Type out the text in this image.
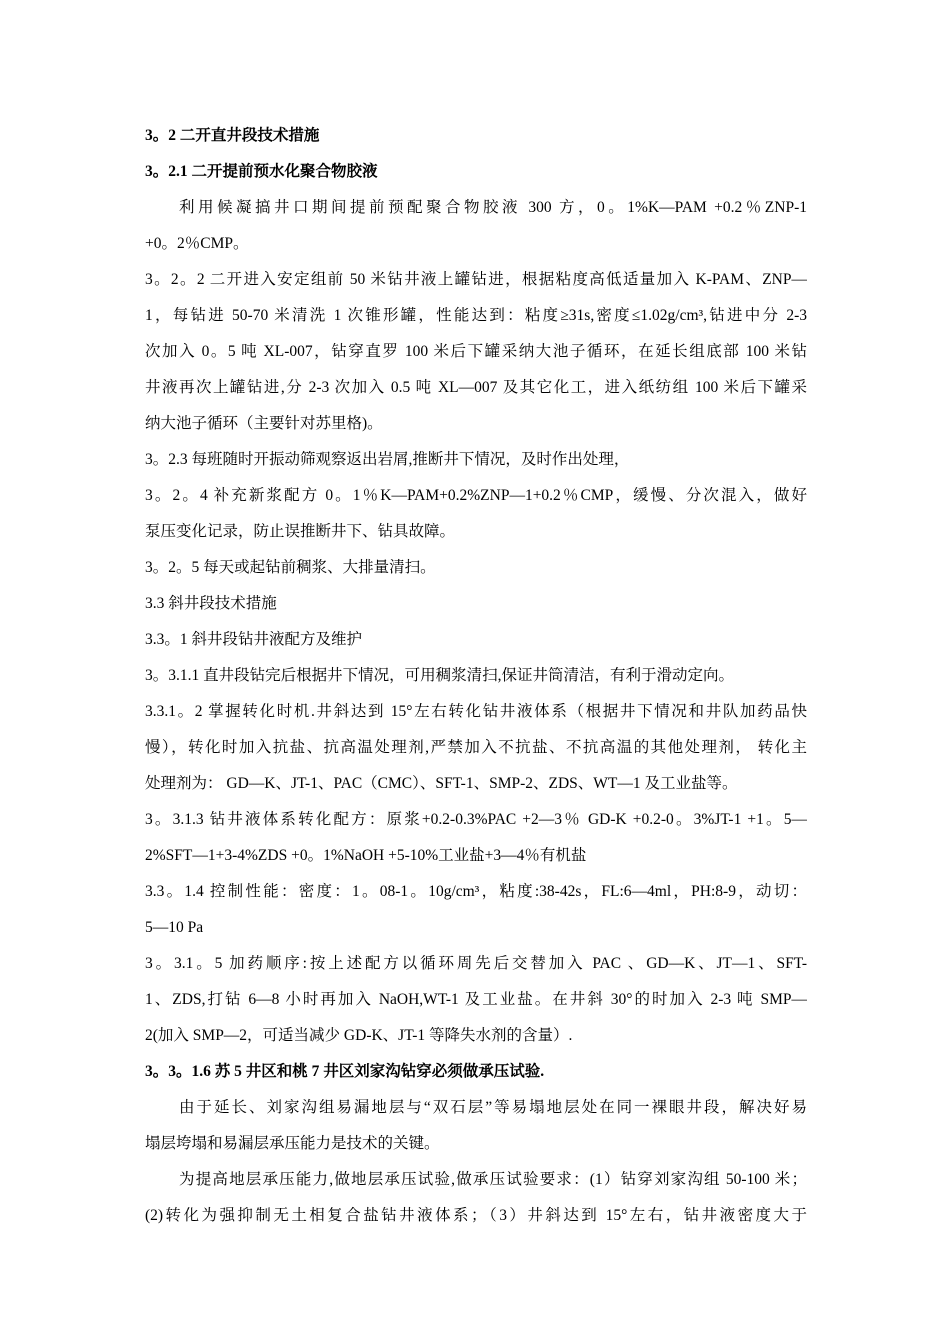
3。2 二开直井段技术措施
3。2.1 二开提前预水化聚合物胶液
利用候凝搞井口期间提前预配聚合物胶液 300 方，0。1%K—PAM +0.2％ZNP-1
+0。2％CMP。
3。2。2 二开进入安定组前 50 米钻井液上罐钻进，根据粘度高低适量加入 K-PAM、ZNP—
1，每钻进 50-70 米清洗 1 次锥形罐，性能达到：粘度≥31s,密度≤1.02g/cm³,钻进中分 2-3
次加入 0。5 吨 XL-007，钻穿直罗 100 米后下罐采纳大池子循环，在延长组底部 100 米钻
井液再次上罐钻进,分 2-3 次加入 0.5 吨 XL—007 及其它化工，进入纸纺组 100 米后下罐采
纳大池子循环（主要针对苏里格)。
3。2.3 每班随时开振动筛观察返出岩屑,推断井下情况，及时作出处理，
3。2。4 补充新浆配方 0。1％K—PAM+0.2%ZNP—1+0.2％CMP，缓慢、分次混入，做好
泵压变化记录，防止误推断井下、钻具故障。
3。2。5 每天或起钻前稠浆、大排量清扫。
3.3 斜井段技术措施
3.3。1 斜井段钻井液配方及维护
3。3.1.1 直井段钻完后根据井下情况，可用稠浆清扫,保证井筒清洁，有利于滑动定向。
3.3.1。2 掌握转化时机.井斜达到 15°左右转化钻井液体系（根据井下情况和井队加药品快
慢），转化时加入抗盐、抗高温处理剂,严禁加入不抗盐、不抗高温的其他处理剂， 转化主
处理剂为： GD—K、JT-1、PAC（CMC）、SFT-1、SMP-2、ZDS、WT—1 及工业盐等。
3。3.1.3 钻井液体系转化配方：原浆+0.2-0.3%PAC +2—3％ GD-K +0.2-0。3%JT-1 +1。5—
2%SFT—1+3-4%ZDS +0。1%NaOH +5-10%工业盐+3—4％有机盐
3.3。1.4 控制性能：密度：1。08-1。10g/cm³，粘度:38-42s，FL:6—4ml，PH:8-9，动切：
5—10 Pa
3。3.1。5 加药顺序:按上述配方以循环周先后交替加入 PAC 、GD—K、JT—1、SFT-
1、ZDS,打钻 6—8 小时再加入 NaOH,WT-1 及工业盐。在井斜 30°的时加入 2-3 吨 SMP—
2(加入 SMP—2，可适当减少 GD-K、JT-1 等降失水剂的含量）.
3。3。1.6 苏 5 井区和桃 7 井区刘家沟钻穿必须做承压试验.
由于延长、刘家沟组易漏地层与“双石层”等易塌地层处在同一裸眼井段，解决好易
塌层垮塌和易漏层承压能力是技术的关键。
为提高地层承压能力,做地层承压试验,做承压试验要求：(1）钻穿刘家沟组 50-100 米；
(2)转化为强抑制无土相复合盐钻井液体系；（3）井斜达到 15°左右，钻井液密度大于
